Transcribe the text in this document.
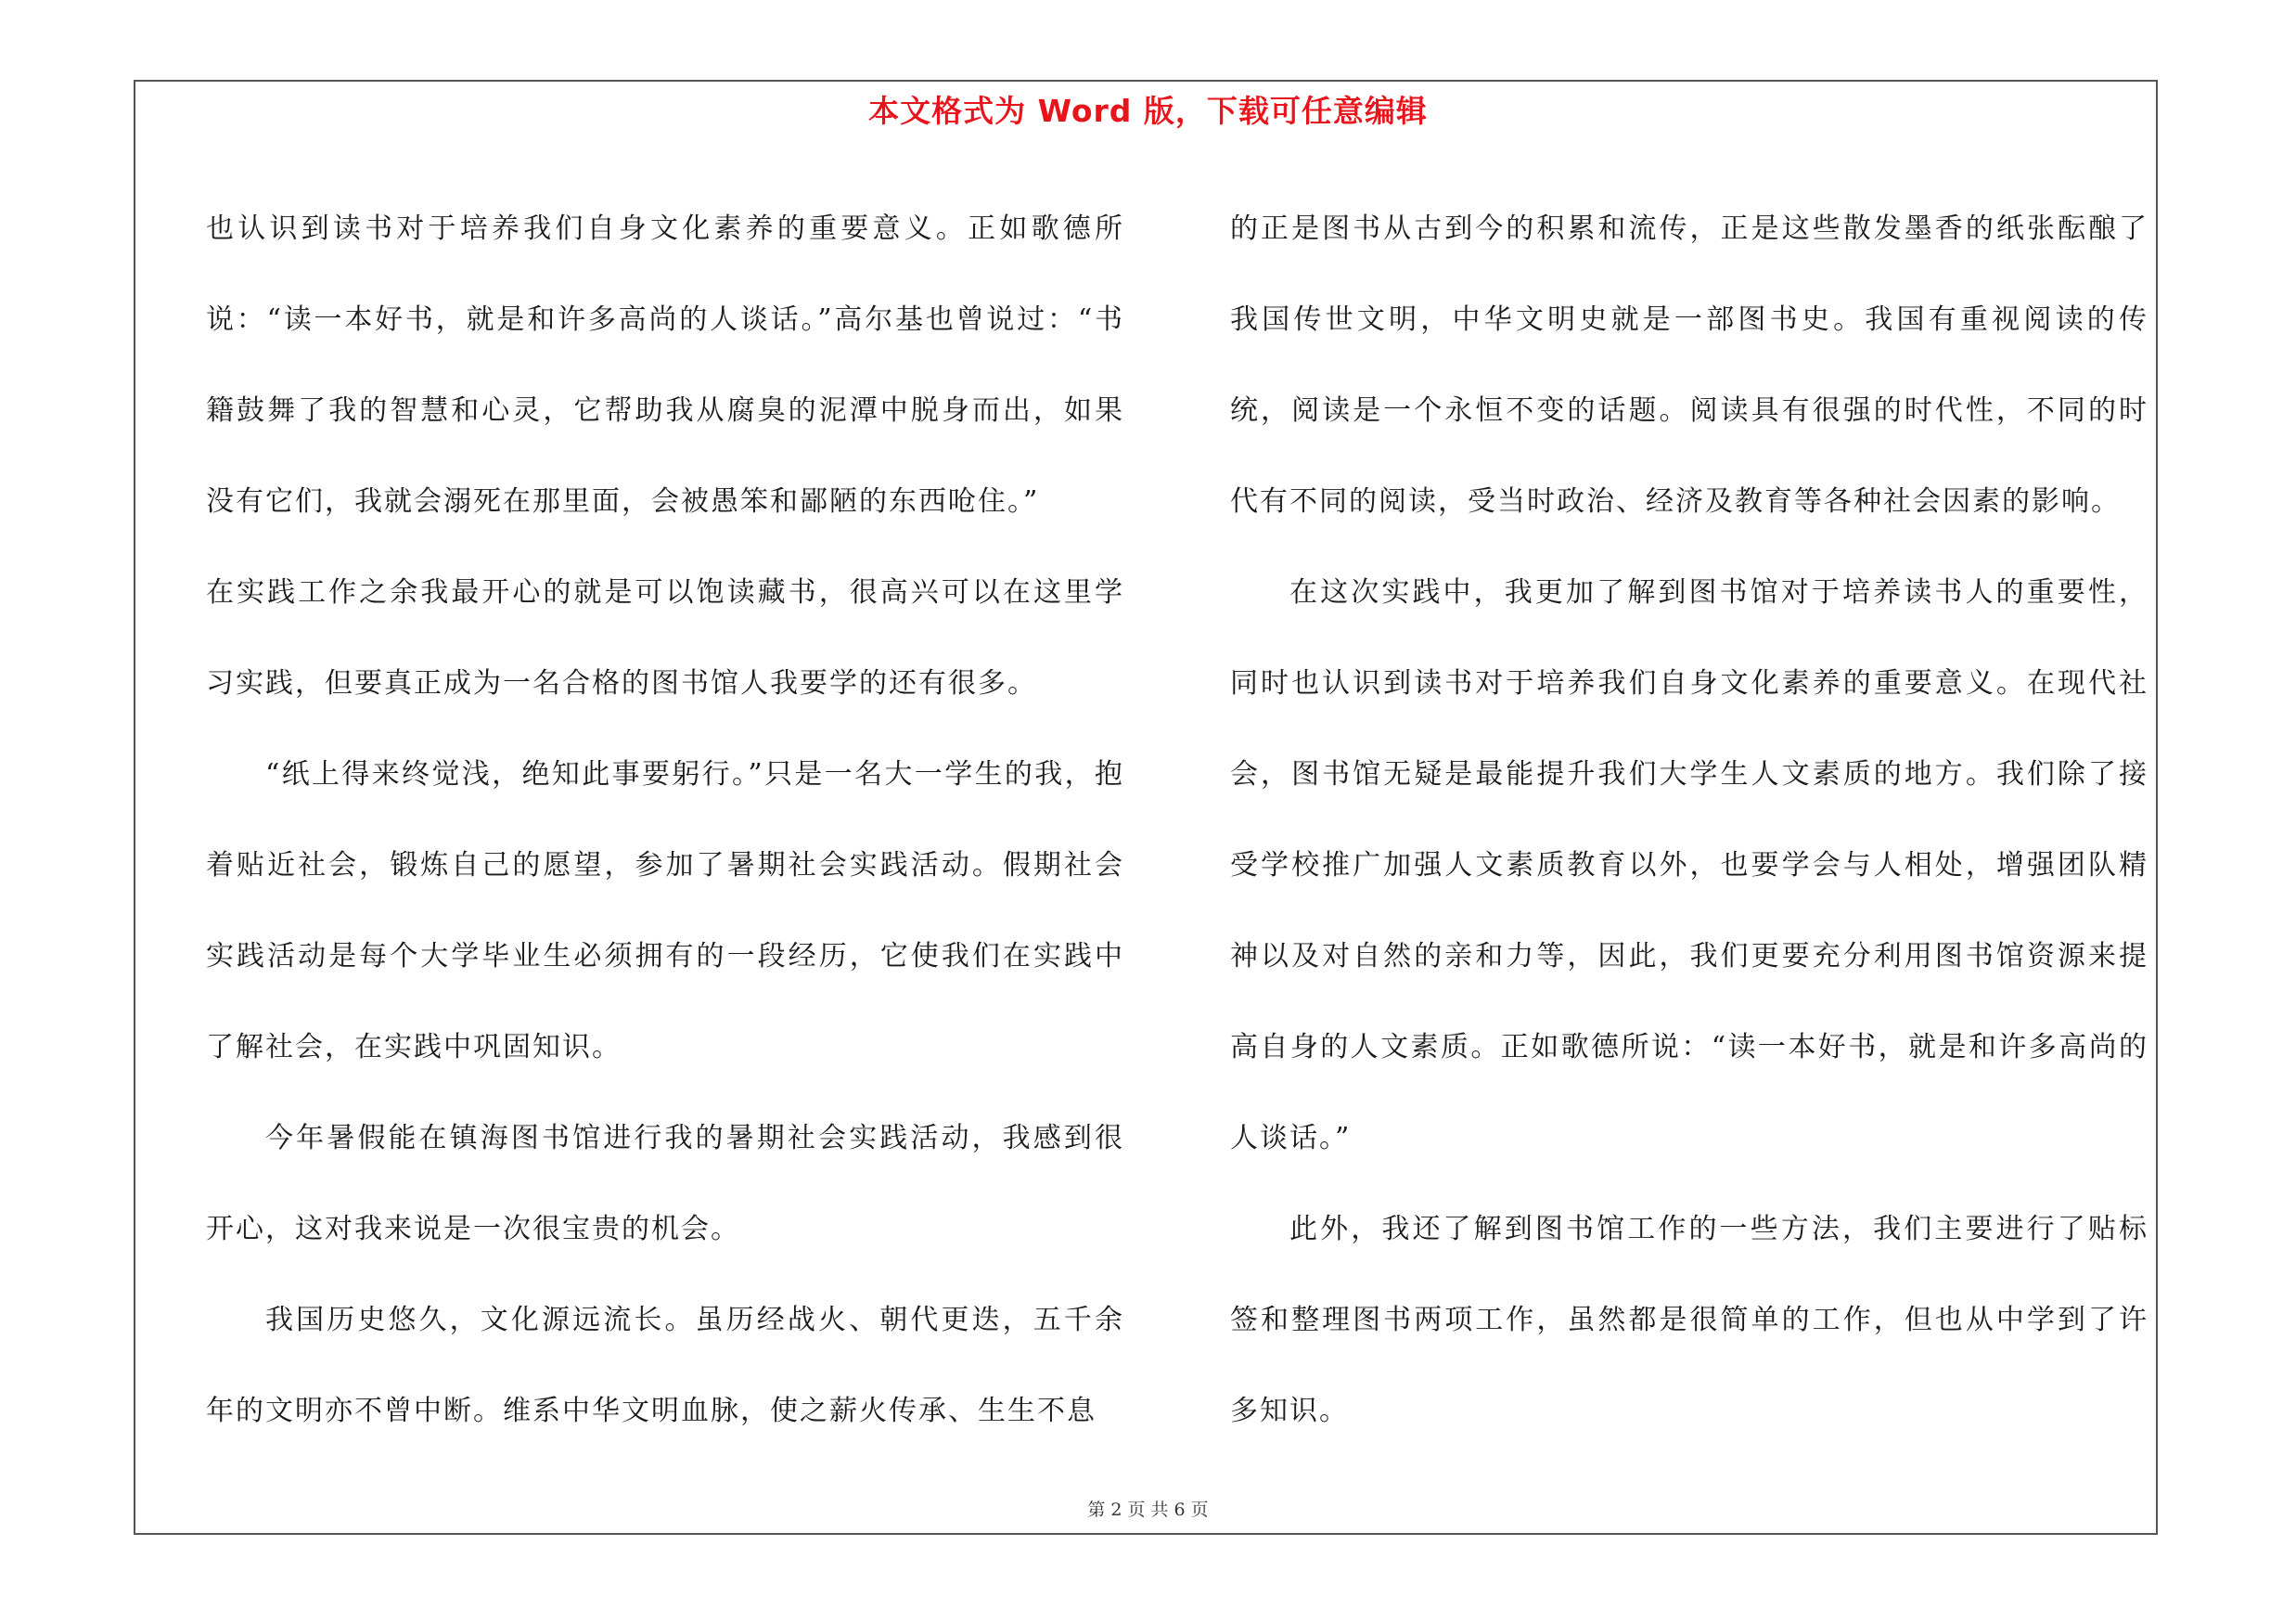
本文格式为 Word 版，下载可任意编辑

也认识到读书对于培养我们自身文化素养的重要意义。正如歌德所说：“读一本好书，就是和许多高尚的人谈话。”高尔基也曾说过：“书籍鼓舞了我的智慧和心灵，它帮助我从腐臭的泥潭中脱身而出，如果没有它们，我就会溺死在那里面，会被愚笨和鄙陋的东西呛住。”

在实践工作之余我最开心的就是可以饱读藏书，很高兴可以在这里学习实践，但要真正成为一名合格的图书馆人我要学的还有很多。

“纸上得来终觉浅，绝知此事要躬行。”只是一名大一学生的我，抱着贴近社会，锻炼自己的愿望，参加了暑期社会实践活动。假期社会实践活动是每个大学毕业生必须拥有的一段经历，它使我们在实践中了解社会，在实践中巩固知识。

今年暑假能在镇海图书馆进行我的暑期社会实践活动，我感到很开心，这对我来说是一次很宝贵的机会。

我国历史悠久，文化源远流长。虽历经战火、朝代更迭，五千余年的文明亦不曾中断。维系中华文明血脉，使之薪火传承、生生不息

的正是图书从古到今的积累和流传，正是这些散发墨香的纸张酝酿了我国传世文明，中华文明史就是一部图书史。我国有重视阅读的传统，阅读是一个永恒不变的话题。阅读具有很强的时代性，不同的时代有不同的阅读，受当时政治、经济及教育等各种社会因素的影响。

在这次实践中，我更加了解到图书馆对于培养读书人的重要性，同时也认识到读书对于培养我们自身文化素养的重要意义。在现代社会，图书馆无疑是最能提升我们大学生人文素质的地方。我们除了接受学校推广加强人文素质教育以外，也要学会与人相处，增强团队精神以及对自然的亲和力等，因此，我们更要充分利用图书馆资源来提高自身的人文素质。正如歌德所说：“读一本好书，就是和许多高尚的人谈话。”

此外，我还了解到图书馆工作的一些方法，我们主要进行了贴标签和整理图书两项工作，虽然都是很简单的工作，但也从中学到了许多知识。

第 2 页 共 6 页
